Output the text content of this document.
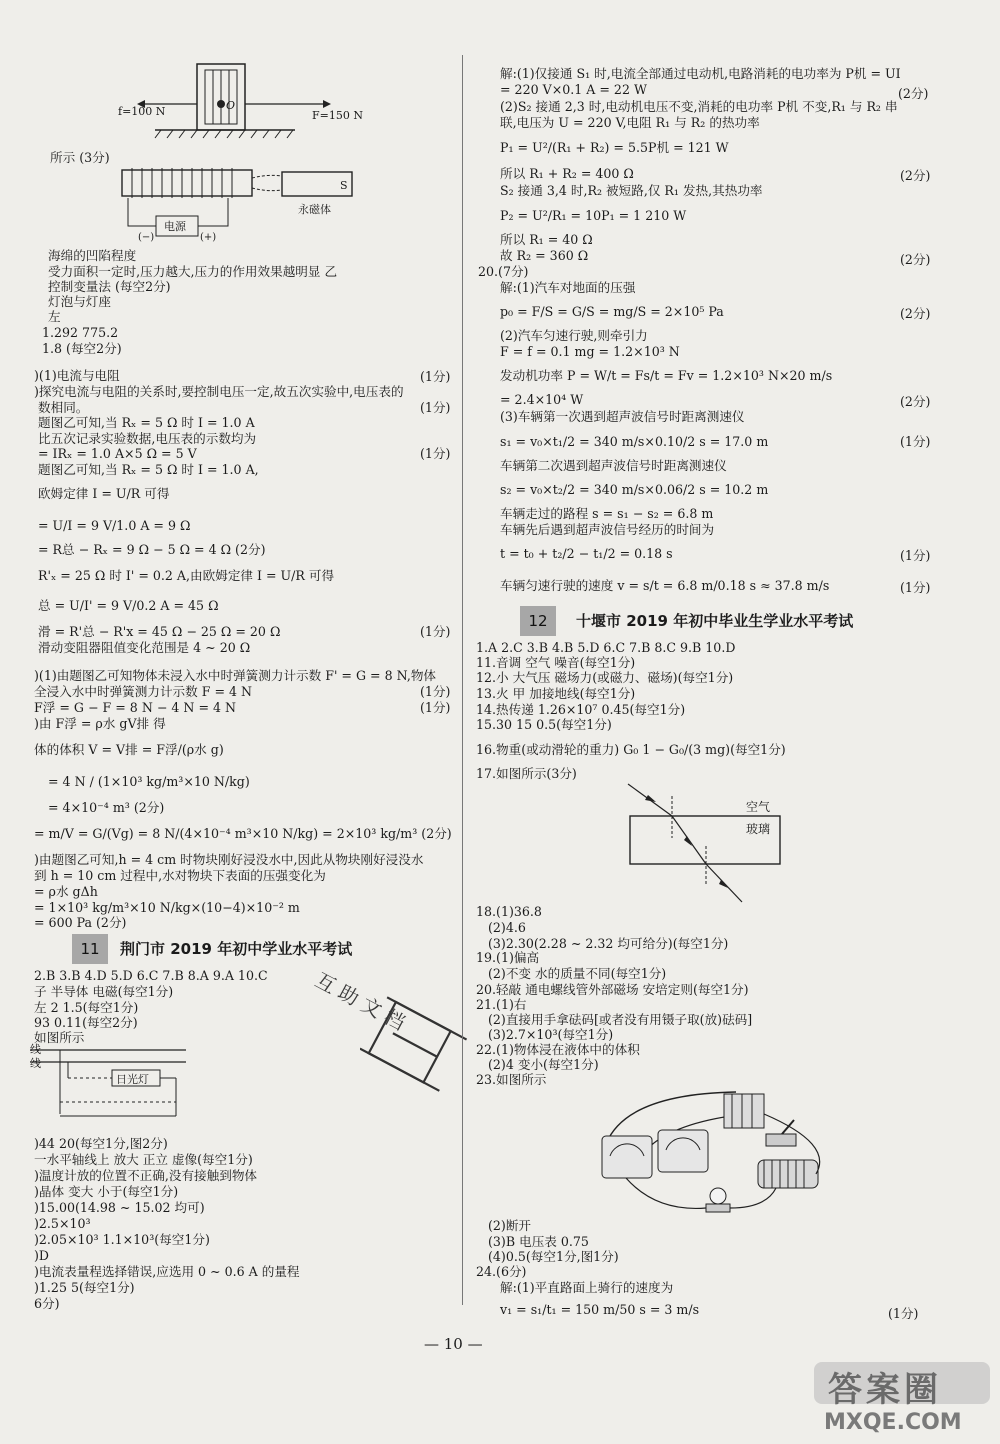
f=100 N	F=150 N
O
S
永磁体
电源
(−)	(+)
所示 (3分)
海绵的凹陷程度
受力面积一定时,压力越大,压力的作用效果越明显 乙
控制变量法 (每空2分)
灯泡与灯座
左
1.292 775.2
1.8 (每空2分)
)(1)电流与电阻
)探究电流与电阻的关系时,要控制电压一定,故五次实验中,电压表的
数相同。
题图乙可知,当 Rₓ = 5 Ω 时 I = 1.0 A
比五次记录实验数据,电压表的示数均为
= IRₓ = 1.0 A×5 Ω = 5 V
题图乙可知,当 Rₓ = 5 Ω 时 I = 1.0 A,
欧姆定律 I = U/R 可得
= U/I = 9 V/1.0 A = 9 Ω
= R总 − Rₓ = 9 Ω − 5 Ω = 4 Ω (2分)
R'ₓ = 25 Ω 时 I' = 0.2 A,由欧姆定律 I = U/R 可得
总 = U/I' = 9 V/0.2 A = 45 Ω
滑 = R'总 − R'x = 45 Ω − 25 Ω = 20 Ω
滑动变阻器阻值变化范围是 4 ~ 20 Ω
)(1)由题图乙可知物体未浸入水中时弹簧测力计示数 F' = G = 8 N,物体
全浸入水中时弹簧测力计示数 F = 4 N
F浮 = G − F = 8 N − 4 N = 4 N
)由 F浮 = ρ水 gV排 得
体的体积 V = V排 = F浮/(ρ水 g)
= 4 N / (1×10³ kg/m³×10 N/kg)
= 4×10⁻⁴ m³ (2分)
= m/V = G/(Vg) = 8 N/(4×10⁻⁴ m³×10 N/kg) = 2×10³ kg/m³ (2分)
)由题图乙可知,h = 4 cm 时物块刚好浸没水中,因此从物块刚好浸没水
到 h = 10 cm 过程中,水对物块下表面的压强变化为
= ρ水 gΔh
= 1×10³ kg/m³×10 N/kg×(10−4)×10⁻² m
= 600 Pa (2分)
(1分)
(1分)
(1分)
(1分)
(1分)
(1分)
11	荆门市 2019 年初中学业水平考试
2.B 3.B 4.D 5.D 6.C 7.B 8.A 9.A 10.C
子 半导体 电磁(每空1分)
左 2 1.5(每空1分)
93 0.11(每空2分)
如图所示
)44 20(每空1分,图2分)
一水平轴线上 放大 正立 虚像(每空1分)
)温度计放的位置不正确,没有接触到物体
)晶体 变大 小于(每空1分)
)15.00(14.98 ~ 15.02 均可)
)2.5×10³
)2.05×10³ 1.1×10³(每空1分)
)D
)电流表量程选择错误,应选用 0 ~ 0.6 A 的量程
)1.25 5(每空1分)
6分)
线
线
日光灯
互助文档
解:(1)仅接通 S₁ 时,电流全部通过电动机,电路消耗的电功率为 P机 = UI
= 220 V×0.1 A = 22 W
(2)S₂ 接通 2,3 时,电动机电压不变,消耗的电功率 P机 不变,R₁ 与 R₂ 串
联,电压为 U = 220 V,电阻 R₁ 与 R₂ 的热功率
P₁ = U²/(R₁ + R₂) = 5.5P机 = 121 W
所以 R₁ + R₂ = 400 Ω
S₂ 接通 3,4 时,R₂ 被短路,仅 R₁ 发热,其热功率
P₂ = U²/R₁ = 10P₁ = 1 210 W
所以 R₁ = 40 Ω
故 R₂ = 360 Ω
20.(7分)
解:(1)汽车对地面的压强
p₀ = F/S = G/S = mg/S = 2×10⁵ Pa
(2)汽车匀速行驶,则牵引力
F = f = 0.1 mg = 1.2×10³ N
发动机功率 P = W/t = Fs/t = Fv = 1.2×10³ N×20 m/s
= 2.4×10⁴ W
(3)车辆第一次遇到超声波信号时距离测速仪
s₁ = v₀×t₁/2 = 340 m/s×0.10/2 s = 17.0 m
车辆第二次遇到超声波信号时距离测速仪
s₂ = v₀×t₂/2 = 340 m/s×0.06/2 s = 10.2 m
车辆走过的路程 s = s₁ − s₂ = 6.8 m
车辆先后遇到超声波信号经历的时间为
t = t₀ + t₂/2 − t₁/2 = 0.18 s
车辆匀速行驶的速度 v = s/t = 6.8 m/0.18 s ≈ 37.8 m/s
(2分)
(2分)
(2分)
(2分)
(2分)
(1分)
(1分)
(1分)
12	十堰市 2019 年初中毕业生学业水平考试
1.A 2.C 3.B 4.B 5.D 6.C 7.B 8.C 9.B 10.D
11.音调 空气 噪音(每空1分)
12.小 大气压 磁场力(或磁力、磁场)(每空1分)
13.火 甲 加接地线(每空1分)
14.热传递 1.26×10⁷ 0.45(每空1分)
15.30 15 0.5(每空1分)
16.物重(或动滑轮的重力) G₀ 1 − G₀/(3 mg)(每空1分)
17.如图所示(3分)
18.(1)36.8
(2)4.6
(3)2.30(2.28 ~ 2.32 均可给分)(每空1分)
19.(1)偏高
(2)不变 水的质量不同(每空1分)
20.轻敲 通电螺线管外部磁场 安培定则(每空1分)
21.(1)右
(2)直接用手拿砝码[或者没有用镊子取(放)砝码]
(3)2.7×10³(每空1分)
22.(1)物体浸在液体中的体积
(2)4 变小(每空1分)
23.如图所示
(2)断开
(3)B 电压表 0.75
(4)0.5(每空1分,图1分)
24.(6分)
解:(1)平直路面上骑行的速度为
v₁ = s₁/t₁ = 150 m/50 s = 3 m/s	(1分)
空气
玻璃
— 10 —
答案圈
MXQE.COM
